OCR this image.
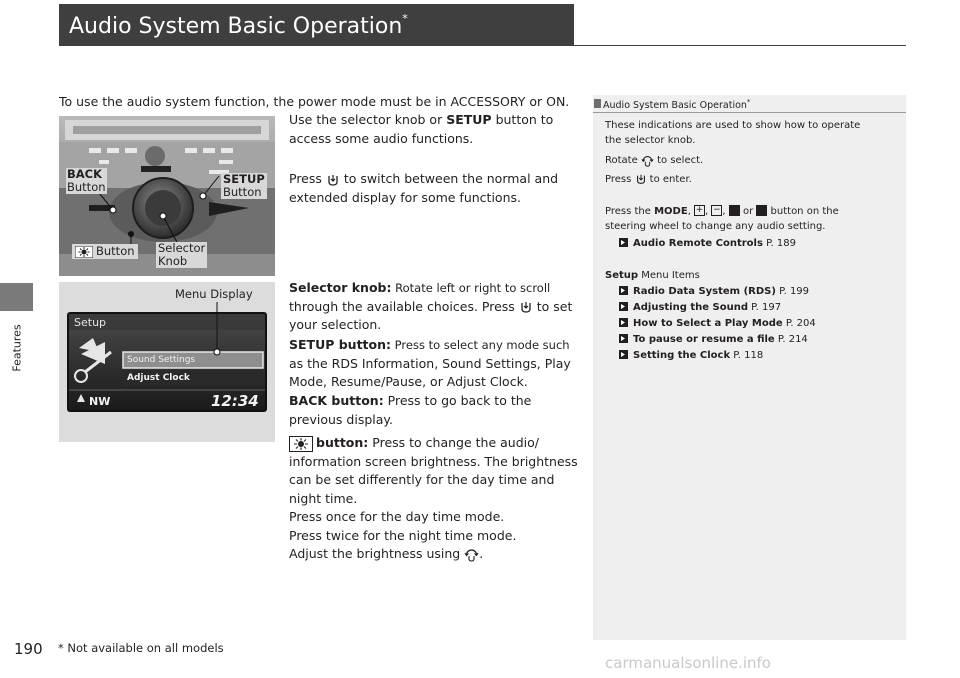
Audio System Basic Operation*
Features
To use the audio system function, the power mode must be in ACCESSORY or ON.
BACK
Button
SETUP
Button
Button Selector
Knob
Menu Display
Setup
Sound Settings
Adjust Clock
NW	12:34
Use the selector knob or SETUP button to
access some audio functions.
Press  to switch between the normal and
extended display for some functions.
Selector knob: Rotate left or right to scroll
through the available choices. Press  to set
your selection.
SETUP button: Press to select any mode such
as the RDS Information, Sound Settings, Play
Mode, Resume/Pause, or Adjust Clock.
BACK button: Press to go back to the
previous display.
button: Press to change the audio/
information screen brightness. The brightness
can be set differently for the day time and
night time.
Press once for the day time mode.
Press twice for the night time mode.
Adjust the brightness using .
Audio System Basic Operation*
These indications are used to show how to operate
the selector knob.
Rotate  to select.
Press  to enter.
Press the MODE, + , − ,  or  button on the
steering wheel to change any audio setting.
Audio Remote Controls P. 189
Setup Menu Items
Radio Data System (RDS) P. 199
Adjusting the Sound P. 197
How to Select a Play Mode P. 204
To pause or resume a file P. 214
Setting the Clock P. 118
190 * Not available on all models
carmanualsonline.info
